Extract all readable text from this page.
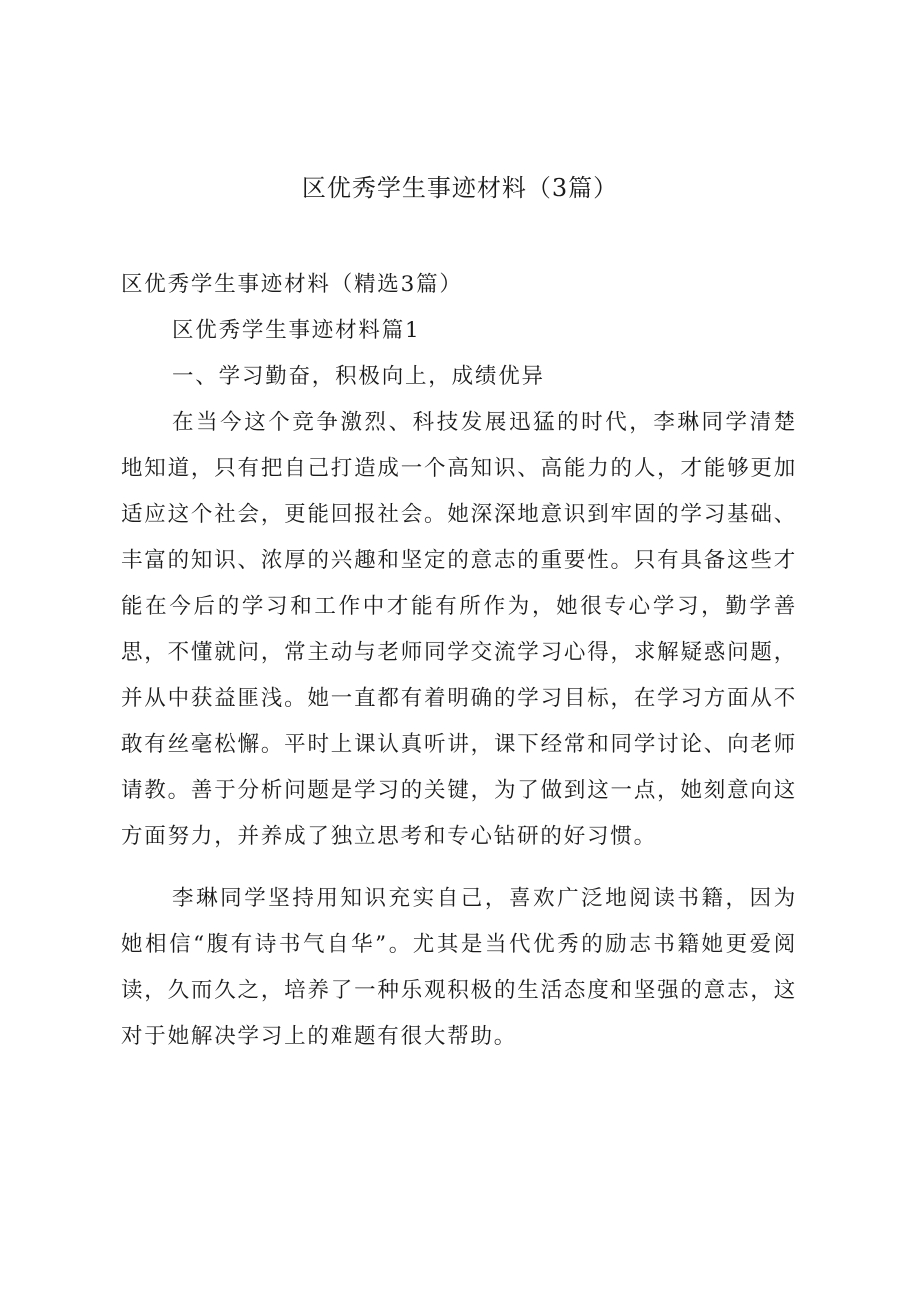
区优秀学生事迹材料（3篇）

区优秀学生事迹材料（精选3篇）

区优秀学生事迹材料篇1

一、学习勤奋，积极向上，成绩优异

在当今这个竞争激烈、科技发展迅猛的时代，李琳同学清楚地知道，只有把自己打造成一个高知识、高能力的人，才能够更加适应这个社会，更能回报社会。她深深地意识到牢固的学习基础、丰富的知识、浓厚的兴趣和坚定的意志的重要性。只有具备这些才能在今后的学习和工作中才能有所作为，她很专心学习，勤学善思，不懂就问，常主动与老师同学交流学习心得，求解疑惑问题，并从中获益匪浅。她一直都有着明确的学习目标，在学习方面从不敢有丝毫松懈。平时上课认真听讲，课下经常和同学讨论、向老师请教。善于分析问题是学习的关键，为了做到这一点，她刻意向这方面努力，并养成了独立思考和专心钻研的好习惯。

李琳同学坚持用知识充实自己，喜欢广泛地阅读书籍，因为她相信“腹有诗书气自华”。尤其是当代优秀的励志书籍她更爱阅读，久而久之，培养了一种乐观积极的生活态度和坚强的意志，这对于她解决学习上的难题有很大帮助。
